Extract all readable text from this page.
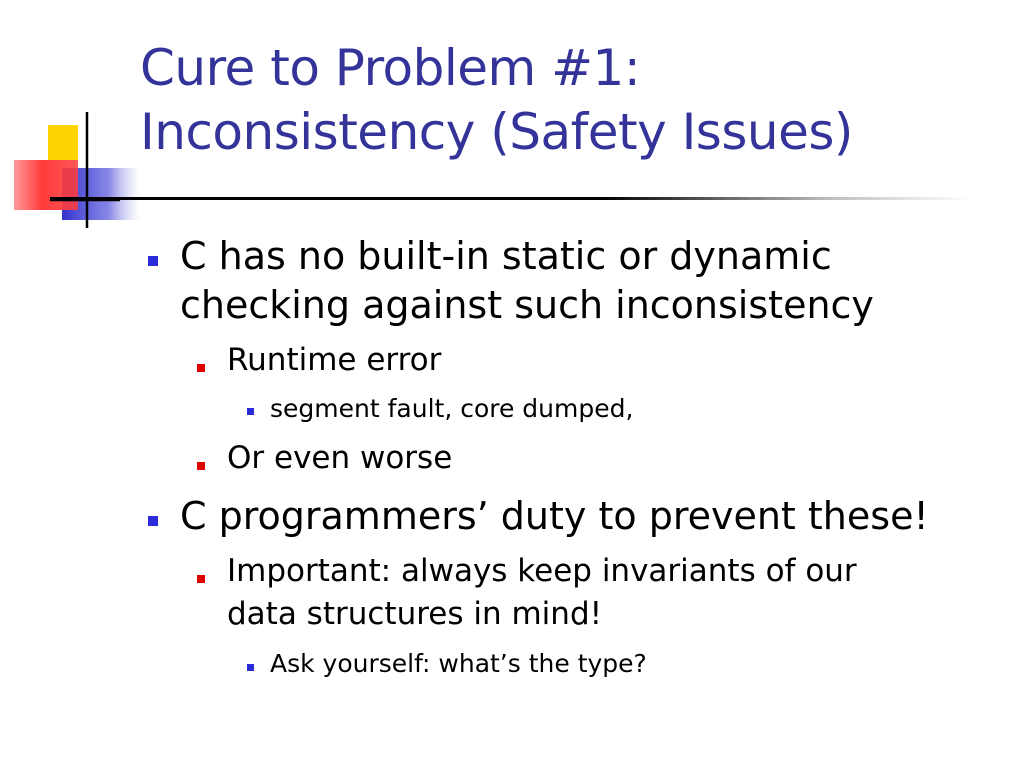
Cure to Problem #1:
Inconsistency (Safety Issues)
C has no built-in static or dynamic
checking against such inconsistency
Runtime error
segment fault, core dumped,
Or even worse
C programmers’ duty to prevent these!
Important: always keep invariants of our
data structures in mind!
Ask yourself: what’s the type?
